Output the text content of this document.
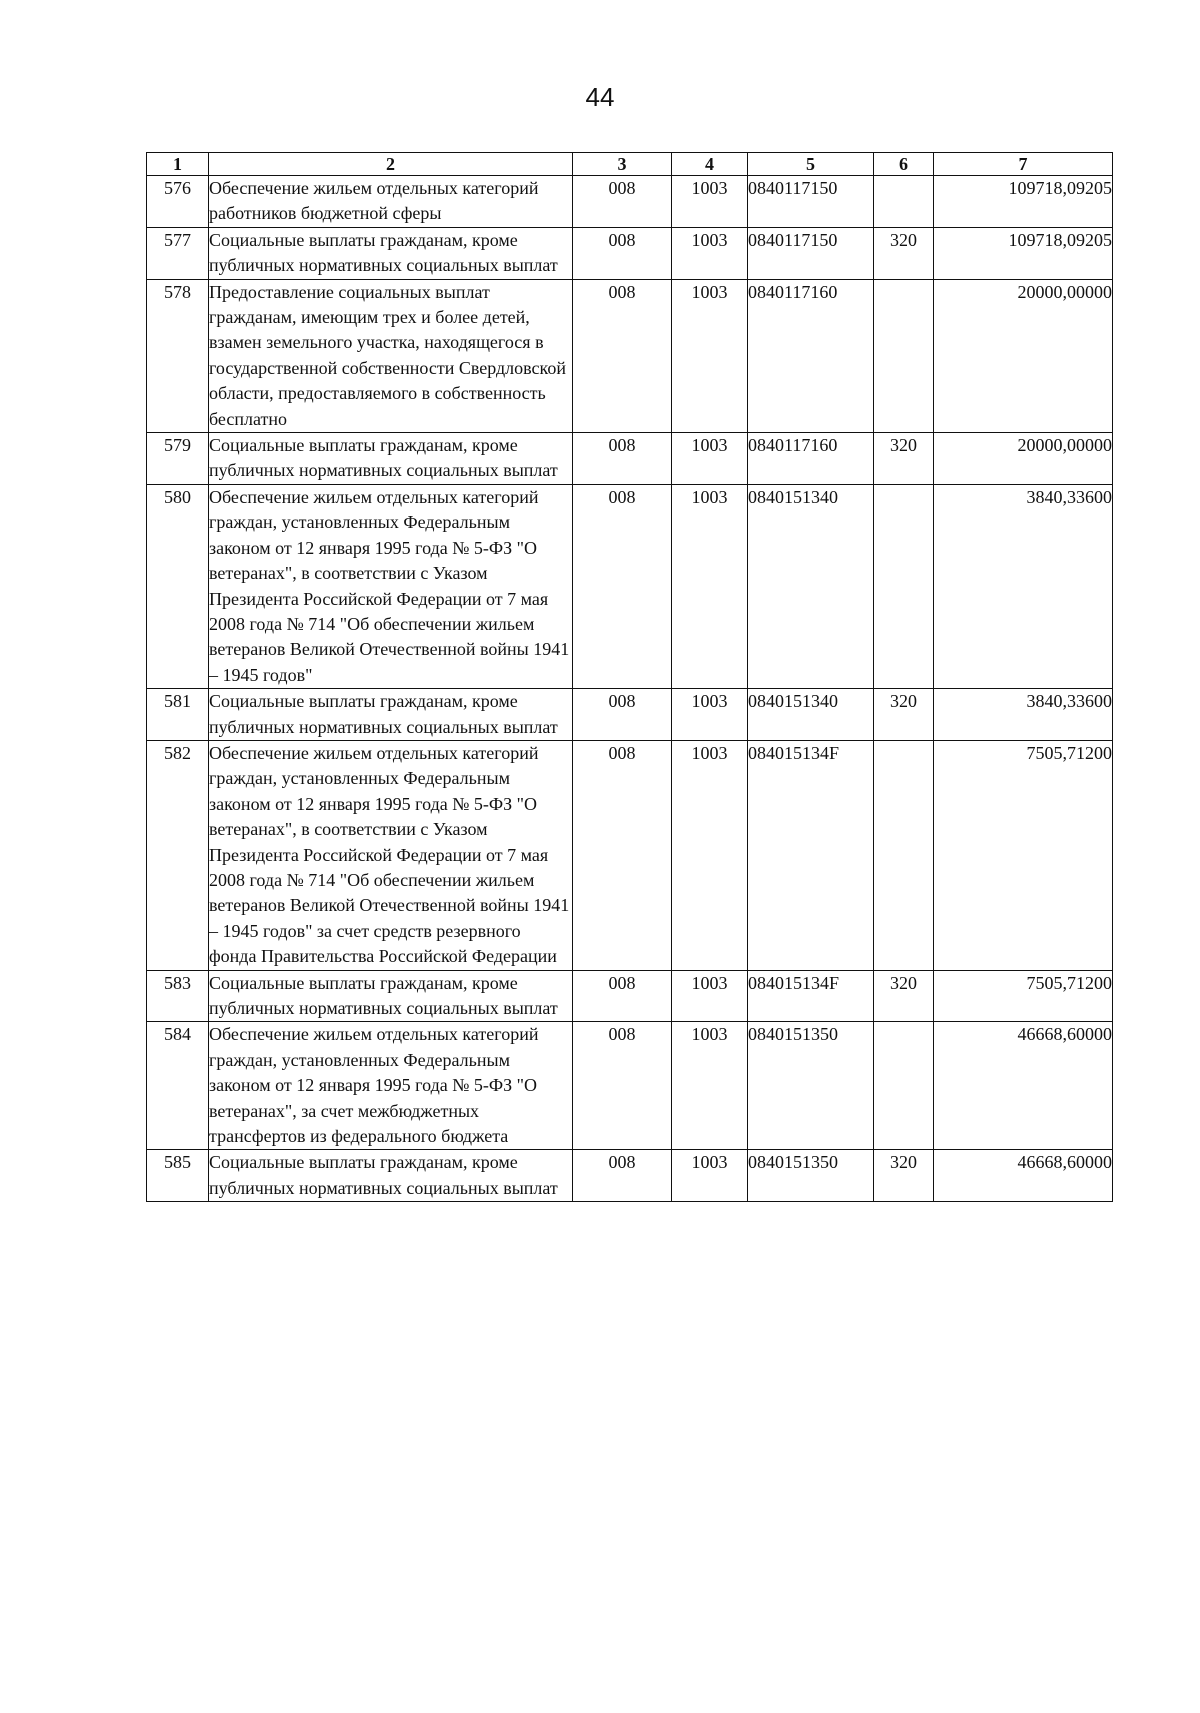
44
1	2	3	4	5	6	7
576	Обеспечение жильем отдельных категорий работников бюджетной сферы	008	1003	0840117150		109718,09205
577	Социальные выплаты гражданам, кроме публичных нормативных социальных выплат	008	1003	0840117150	320	109718,09205
578	Предоставление социальных выплат гражданам, имеющим трех и более детей, взамен земельного участка, находящегося в государственной собственности Свердловской области, предоставляемого в собственность бесплатно	008	1003	0840117160		20000,00000
579	Социальные выплаты гражданам, кроме публичных нормативных социальных выплат	008	1003	0840117160	320	20000,00000
580	Обеспечение жильем отдельных категорий граждан, установленных Федеральным законом от 12 января 1995 года № 5-ФЗ "О ветеранах", в соответствии с Указом Президента Российской Федерации от 7 мая 2008 года № 714 "Об обеспечении жильем ветеранов Великой Отечественной войны 1941 – 1945 годов"	008	1003	0840151340		3840,33600
581	Социальные выплаты гражданам, кроме публичных нормативных социальных выплат	008	1003	0840151340	320	3840,33600
582	Обеспечение жильем отдельных категорий граждан, установленных Федеральным законом от 12 января 1995 года № 5-ФЗ "О ветеранах", в соответствии с Указом Президента Российской Федерации от 7 мая 2008 года № 714 "Об обеспечении жильем ветеранов Великой Отечественной войны 1941 – 1945 годов" за счет средств резервного фонда Правительства Российской Федерации	008	1003	084015134F		7505,71200
583	Социальные выплаты гражданам, кроме публичных нормативных социальных выплат	008	1003	084015134F	320	7505,71200
584	Обеспечение жильем отдельных категорий граждан, установленных Федеральным законом от 12 января 1995 года № 5-ФЗ "О ветеранах", за счет межбюджетных трансфертов из федерального бюджета	008	1003	0840151350		46668,60000
585	Социальные выплаты гражданам, кроме публичных нормативных социальных выплат	008	1003	0840151350	320	46668,60000
